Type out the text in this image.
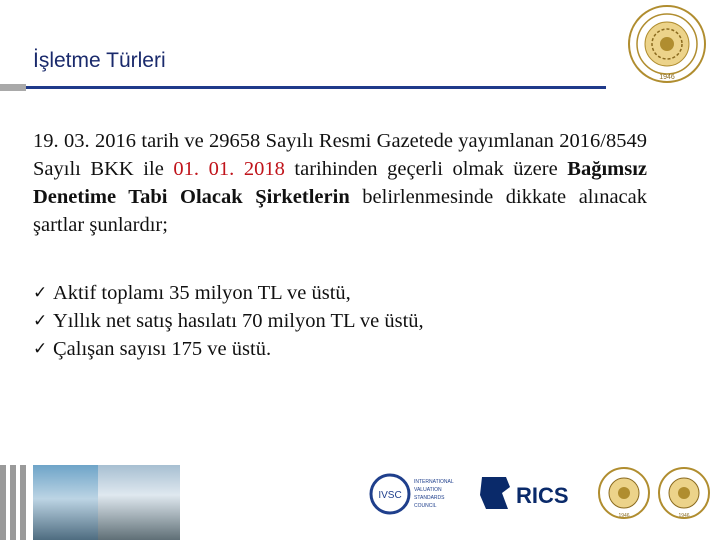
İşletme Türleri
1946
19. 03. 2016 tarih ve 29658 Sayılı Resmi Gazetede yayımlanan 2016/8549 Sayılı BKK ile 01. 01. 2018 tarihinden geçerli olmak üzere Bağımsız Denetime Tabi Olacak Şirketlerin belirlenmesinde dikkate alınacak şartlar şunlardır;
✓ Aktif toplamı 35 milyon TL ve üstü,
✓ Yıllık net satış hasılatı 70 milyon TL ve üstü,
✓ Çalışan sayısı 175 ve üstü.
IVSC
INTERNATIONAL
VALUATION
STANDARDS
COUNCIL	RICS
1946	1946
